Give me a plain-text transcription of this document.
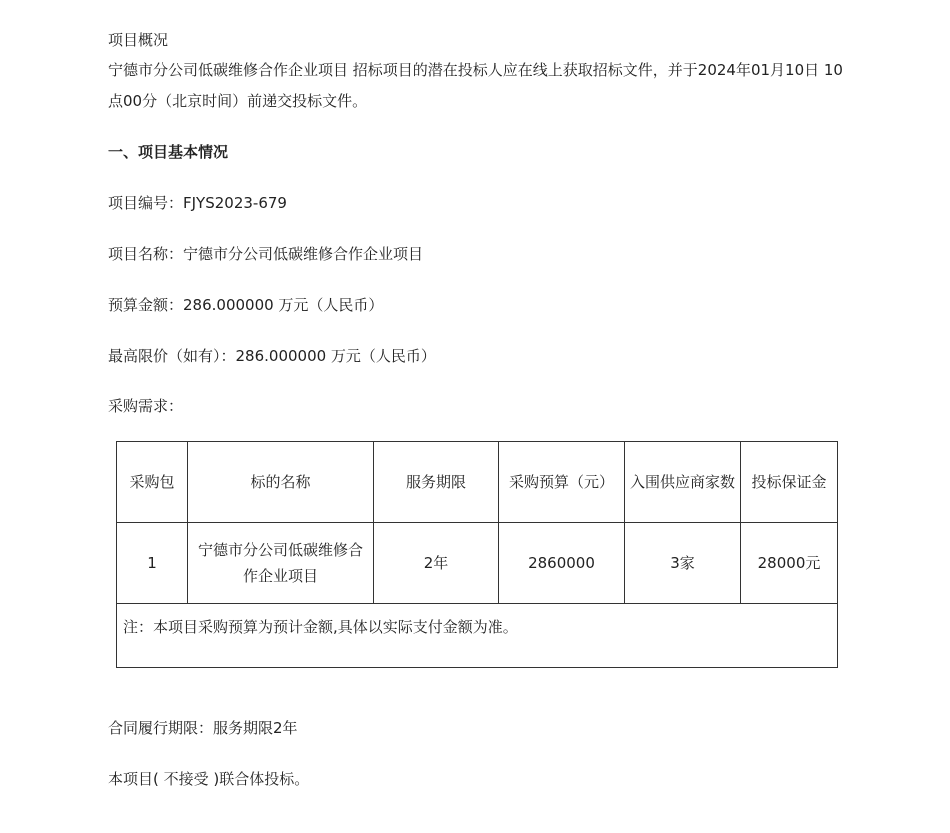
项目概况
宁德市分公司低碳维修合作企业项目 招标项目的潜在投标人应在线上获取招标文件，并于2024年01月10日 10
点00分（北京时间）前递交投标文件。
一、项目基本情况
项目编号：FJYS2023-679
项目名称：宁德市分公司低碳维修合作企业项目
预算金额：286.000000 万元（人民币）
最高限价（如有）：286.000000 万元（人民币）
采购需求：
采购包	标的名称	服务期限	采购预算（元）	入围供应商家数	投标保证金
1	宁德市分公司低碳维修合作企业项目	2年	2860000	3家	28000元
注：本项目采购预算为预计金额,具体以实际支付金额为准。					
合同履行期限：服务期限2年
本项目( 不接受 )联合体投标。
